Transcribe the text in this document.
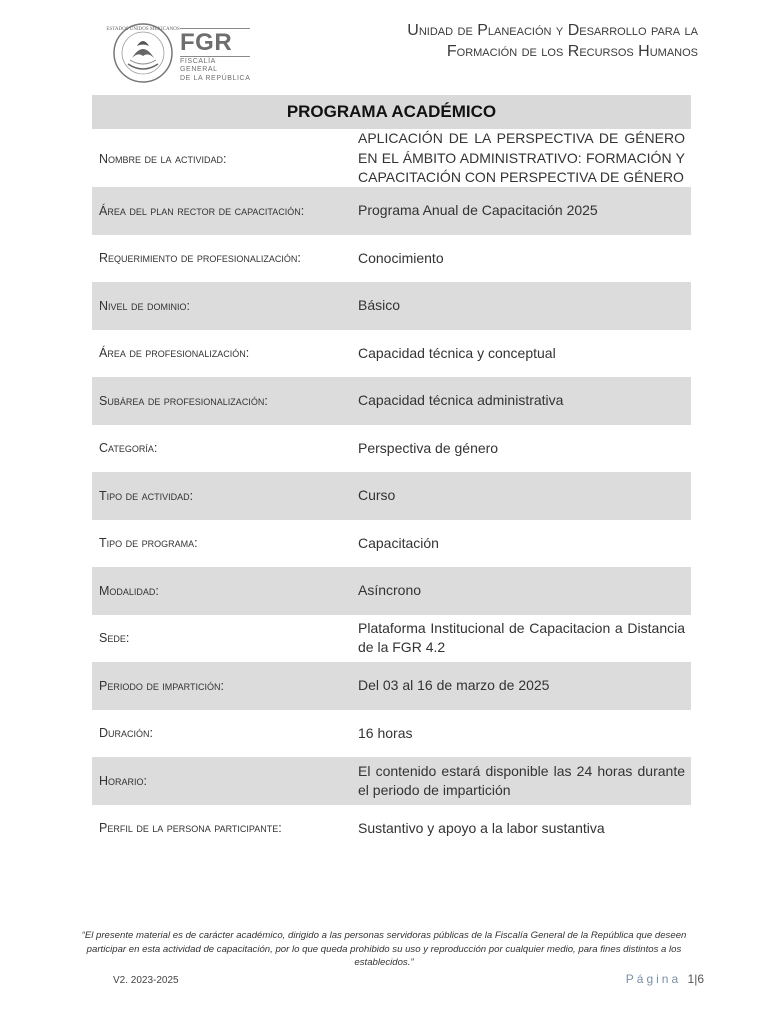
ESTADOS UNIDOS MEXICANOS FGR
FISCALÍA GENERAL
DE LA REPÚBLICA
Unidad de Planeación y Desarrollo para la
Formación de los Recursos Humanos
PROGRAMA ACADÉMICO
Nombre de la actividad:
APLICACIÓN DE LA PERSPECTIVA DE GÉNERO EN EL ÁMBITO ADMINISTRATIVO: FORMACIÓN Y CAPACITACIÓN CON PERSPECTIVA DE GÉNERO
Área del plan rector de capacitación:	Programa Anual de Capacitación 2025
Requerimiento de profesionalización:	Conocimiento
Nivel de dominio:	Básico
Área de profesionalización:	Capacidad técnica y conceptual
Subárea de profesionalización:	Capacidad técnica administrativa
Categoría:	Perspectiva de género
Tipo de actividad:	Curso
Tipo de programa:	Capacitación
Modalidad:	Asíncrono
Sede:
Plataforma Institucional de Capacitacion a Distancia de la FGR 4.2
Periodo de impartición:	Del 03 al 16 de marzo de 2025
Duración:	16 horas
Horario:
El contenido estará disponible las 24 horas durante el periodo de impartición
Perfil de la persona participante:	Sustantivo y apoyo a la labor sustantiva
“El presente material es de carácter académico, dirigido a las personas servidoras públicas de la Fiscalía General de la República que deseen participar en esta actividad de capacitación, por lo que queda prohibido su uso y reproducción por cualquier medio, para fines distintos a los establecidos.”
V2. 2023-2025	Página 1|6
